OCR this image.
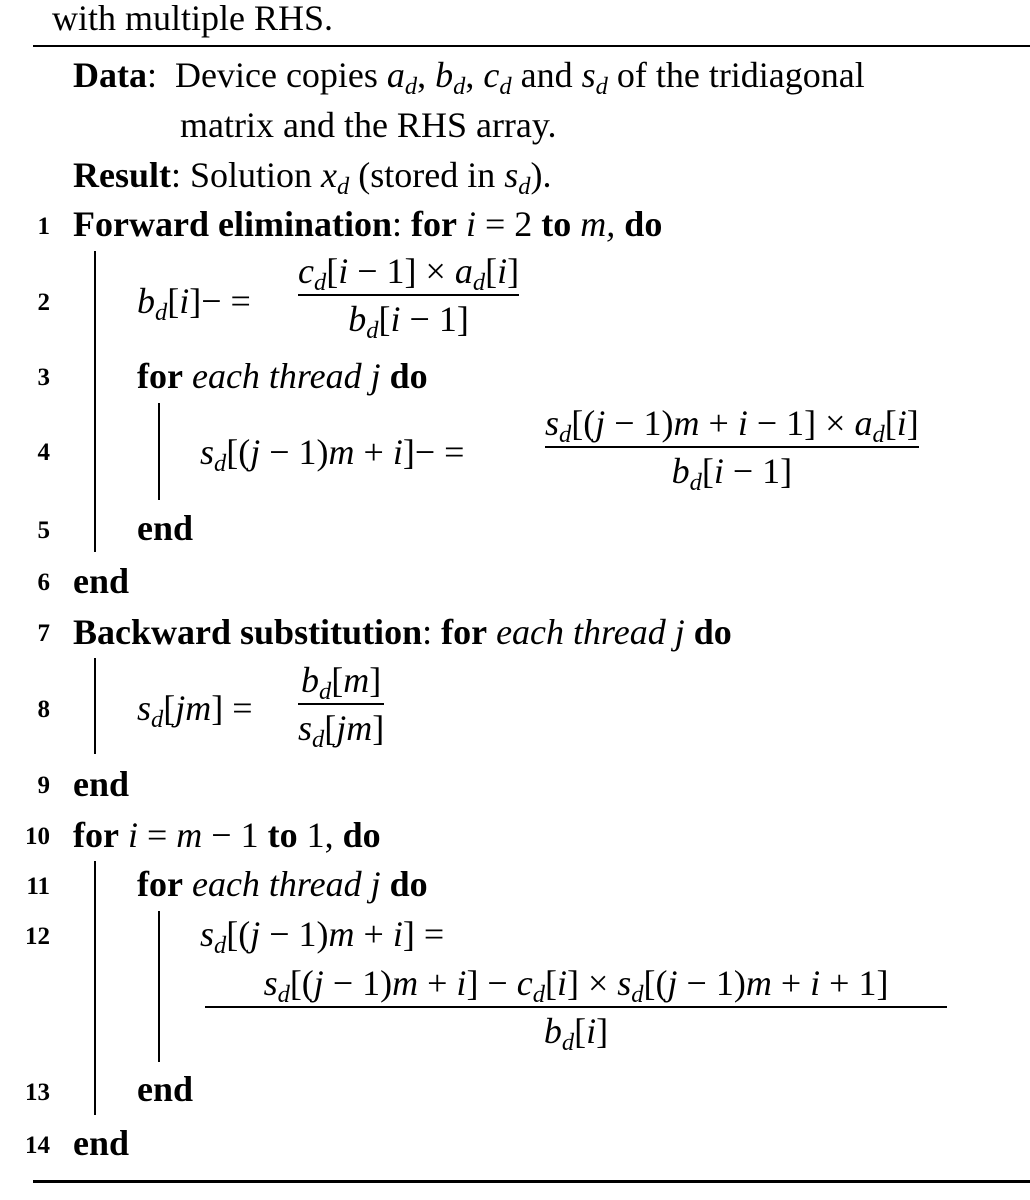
with multiple RHS.
Data: Device copies $a_d$, $b_d$, $c_d$ and $s_d$ of the tridiagonal
matrix and the RHS array.
Result: Solution $x_d$ (stored in $s_d$).
1
2
3
4
5
6
7
8
9
10
11
12
13
14
Forward elimination: for i = 2 to m, do
$b_d[i]-$ =
$c_d[i - 1] \times a_d[i]$
$b_d[i - 1]$
for each thread j do
$s_d[(j - 1)m + i]-$ =
$s_d[(j - 1)m + i - 1] \times a_d[i]$
$b_d[i - 1]$
end
end
Backward substitution: for each thread j do
$s_d[jm]$ =
$b_d[m]$
$s_d[jm]$
end
for i = m − 1 to 1, do
for each thread j do
$s_d[(j - 1)m + i]$ =
$s_d[(j - 1)m + i] - c_d[i] \times s_d[(j - 1)m + i + 1]$
$b_d[i]$
end
end
